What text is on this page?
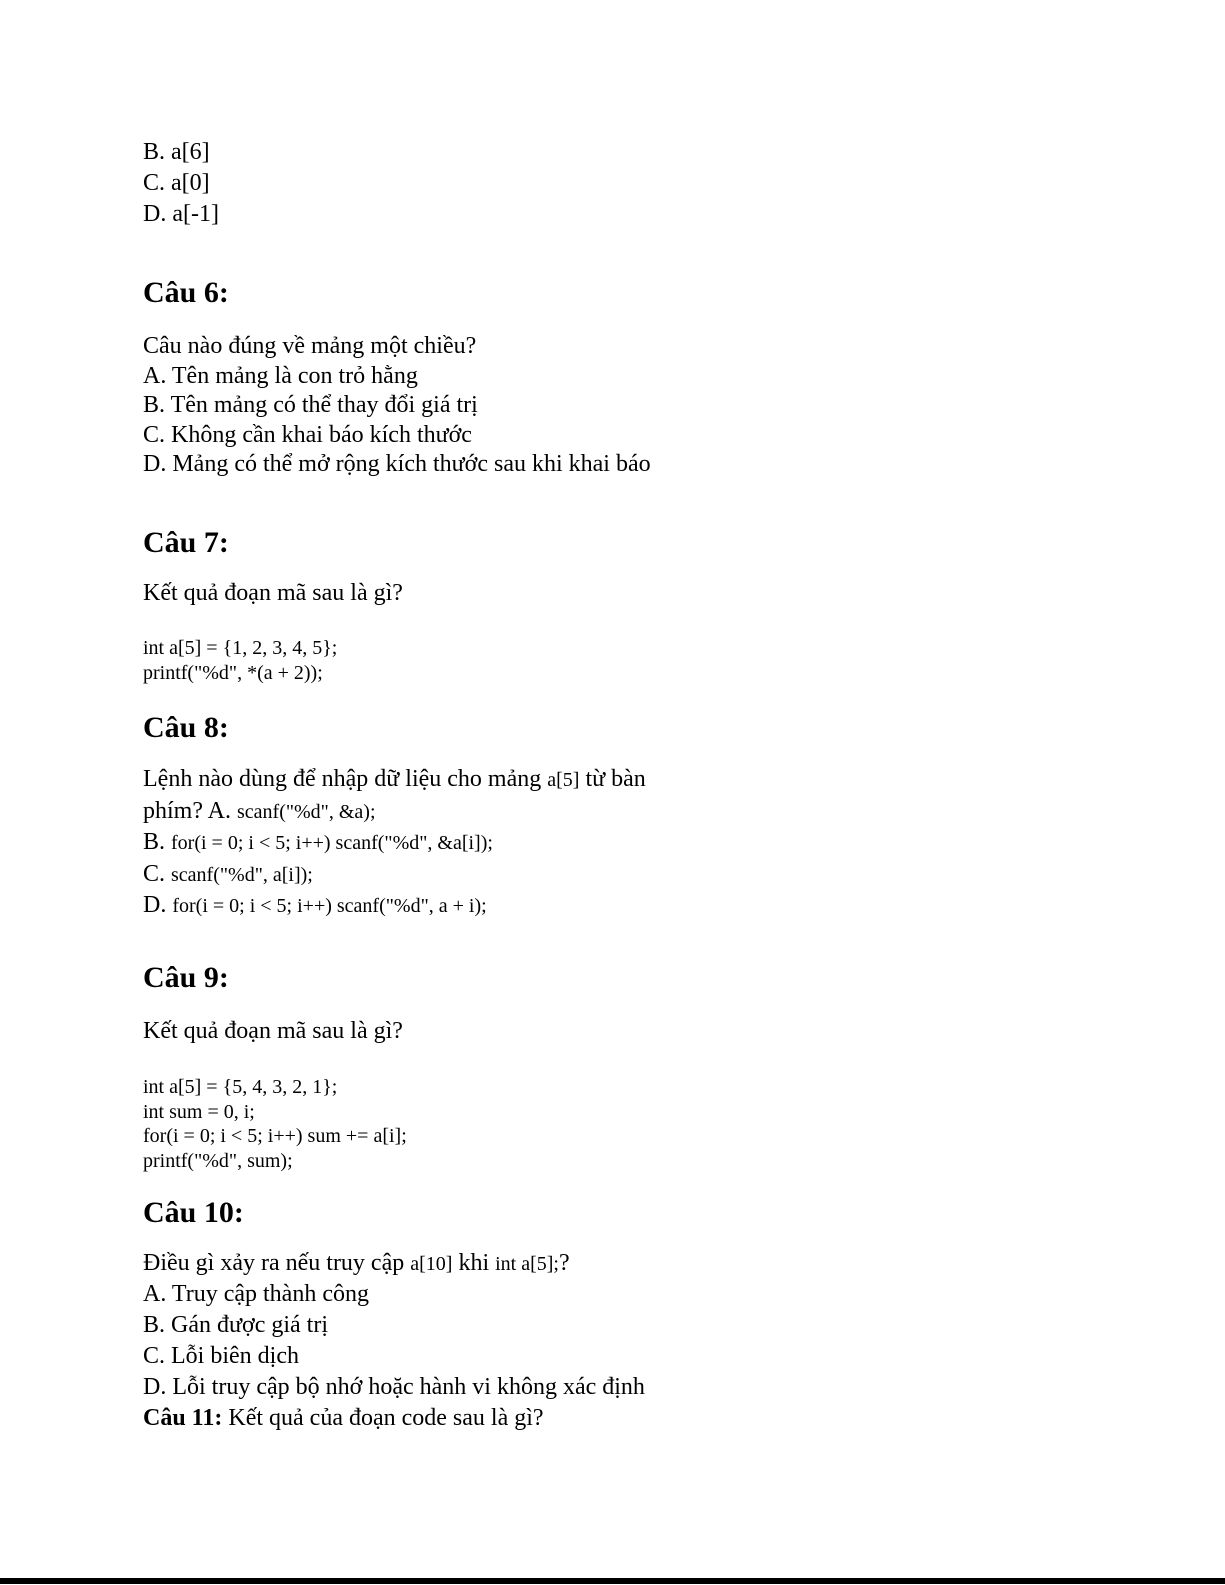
B. a[6]
C. a[0]
D. a[-1]
Câu 6:
Câu nào đúng về mảng một chiều?
A. Tên mảng là con trỏ hằng
B. Tên mảng có thể thay đổi giá trị
C. Không cần khai báo kích thước
D. Mảng có thể mở rộng kích thước sau khi khai báo
Câu 7:
Kết quả đoạn mã sau là gì?
int a[5] = {1, 2, 3, 4, 5};
printf("%d", *(a + 2));
Câu 8:
Lệnh nào dùng để nhập dữ liệu cho mảng a[5] từ bàn
phím? A. scanf("%d", &a);
B. for(i = 0; i < 5; i++) scanf("%d", &a[i]);
C. scanf("%d", a[i]);
D. for(i = 0; i < 5; i++) scanf("%d", a + i);
Câu 9:
Kết quả đoạn mã sau là gì?
int a[5] = {5, 4, 3, 2, 1};
int sum = 0, i;
for(i = 0; i < 5; i++) sum += a[i];
printf("%d", sum);
Câu 10:
Điều gì xảy ra nếu truy cập a[10] khi int a[5];?
A. Truy cập thành công
B. Gán được giá trị
C. Lỗi biên dịch
D. Lỗi truy cập bộ nhớ hoặc hành vi không xác định
Câu 11: Kết quả của đoạn code sau là gì?
